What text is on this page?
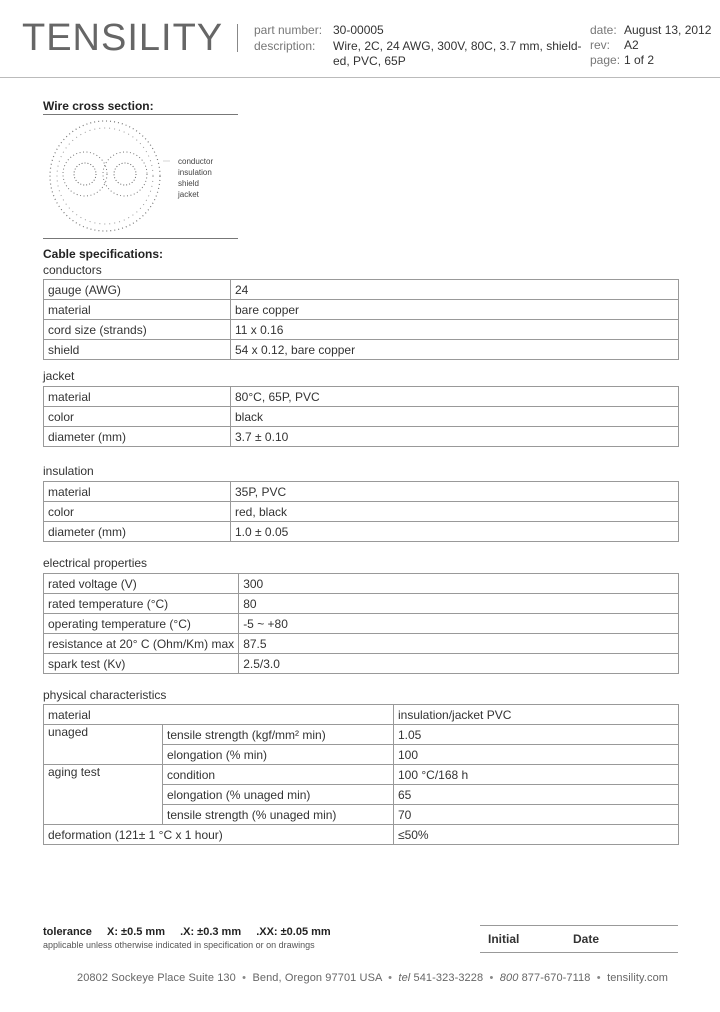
TENSILITY	part number: 30-00005
description: Wire, 2C, 24 AWG, 300V, 80C, 3.7 mm, shield-
ed, PVC, 65P
date: August 13, 2012
rev: A2
page: 1 of 2
Wire cross section:
conductor
insulation
shield
jacket
Cable specifications:
conductors
gauge (AWG)	24
material	bare copper
cord size (strands)	11 x 0.16
shield	54 x 0.12, bare copper
jacket
material	80°C, 65P, PVC
color	black
diameter (mm)	3.7 ± 0.10
insulation
material	35P, PVC
color	red, black
diameter (mm)	1.0 ± 0.05
electrical properties
rated voltage (V)	300
rated temperature (°C)	80
operating temperature (°C)	-5 ~ +80
resistance at 20° C (Ohm/Km) max	87.5
spark test (Kv)	2.5/3.0
physical characteristics
material		insulation/jacket PVC
unaged	tensile strength (kgf/mm² min)	1.05
	elongation (% min)	100
aging test	condition	100 °C/168 h
	elongation (% unaged min)	65
	tensile strength (% unaged min)	70
deformation (121± 1 °C x 1 hour)		≤50%
tolerance X: ±0.5 mm .X: ±0.3 mm .XX: ±0.05 mm
applicable unless otherwise indicated in specification or on drawings	Initial	Date
20802 Sockeye Place Suite 130  •  Bend, Oregon 97701 USA  •  tel 541-323-3228  •  800 877-670-7118  •  tensility.com
